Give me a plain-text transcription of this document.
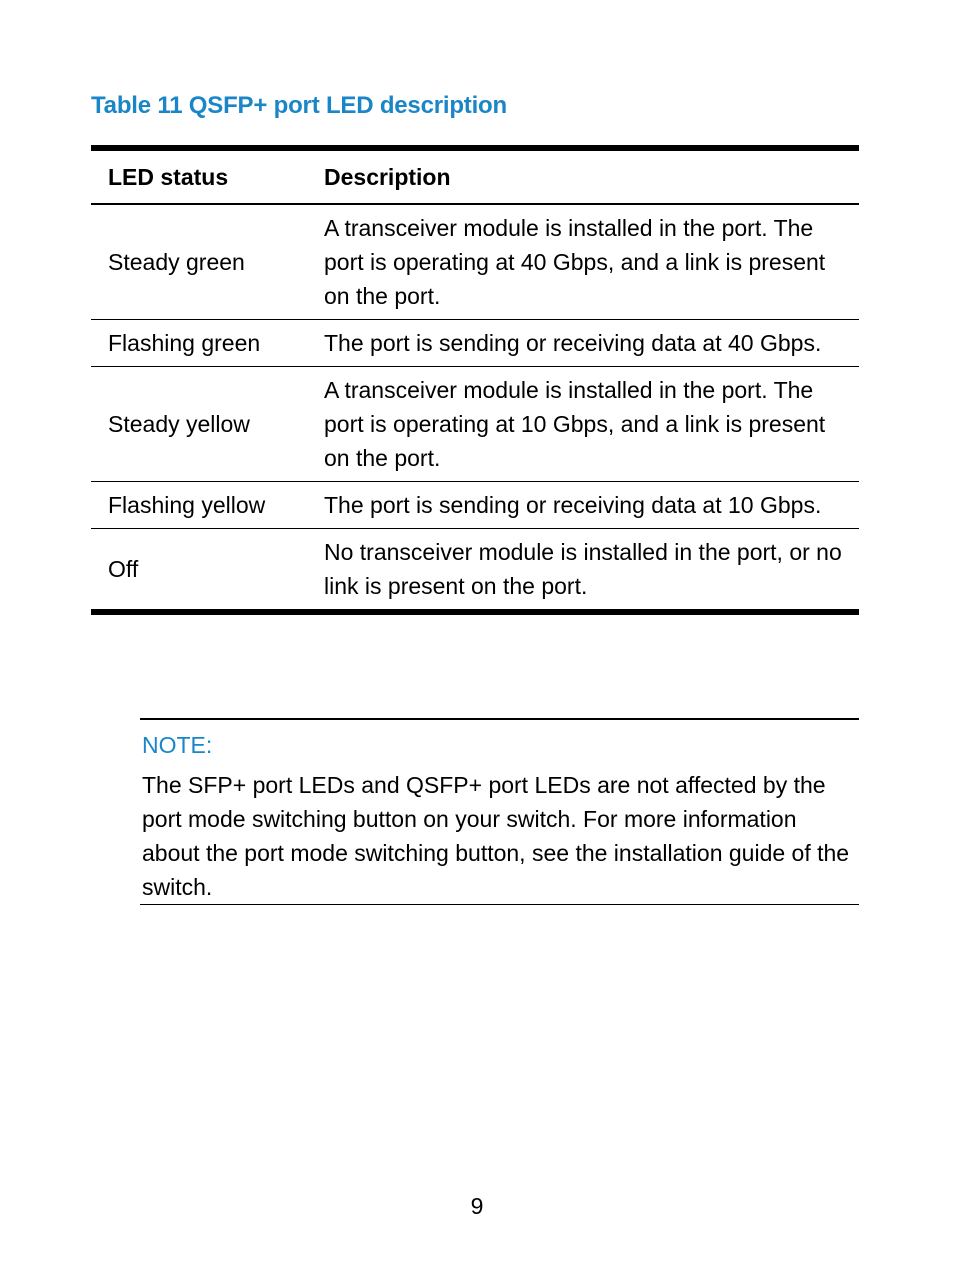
Table 11 QSFP+ port LED description
LED status	Description
Steady green	A transceiver module is installed in the port. The port is operating at 40 Gbps, and a link is present on the port.
Flashing green	The port is sending or receiving data at 40 Gbps.
Steady yellow	A transceiver module is installed in the port. The port is operating at 10 Gbps, and a link is present on the port.
Flashing yellow	The port is sending or receiving data at 10 Gbps.
Off	No transceiver module is installed in the port, or no link is present on the port.
NOTE:
The SFP+ port LEDs and QSFP+ port LEDs are not affected by the port mode switching button on your switch. For more information about the port mode switching button, see the installation guide of the switch.
9
